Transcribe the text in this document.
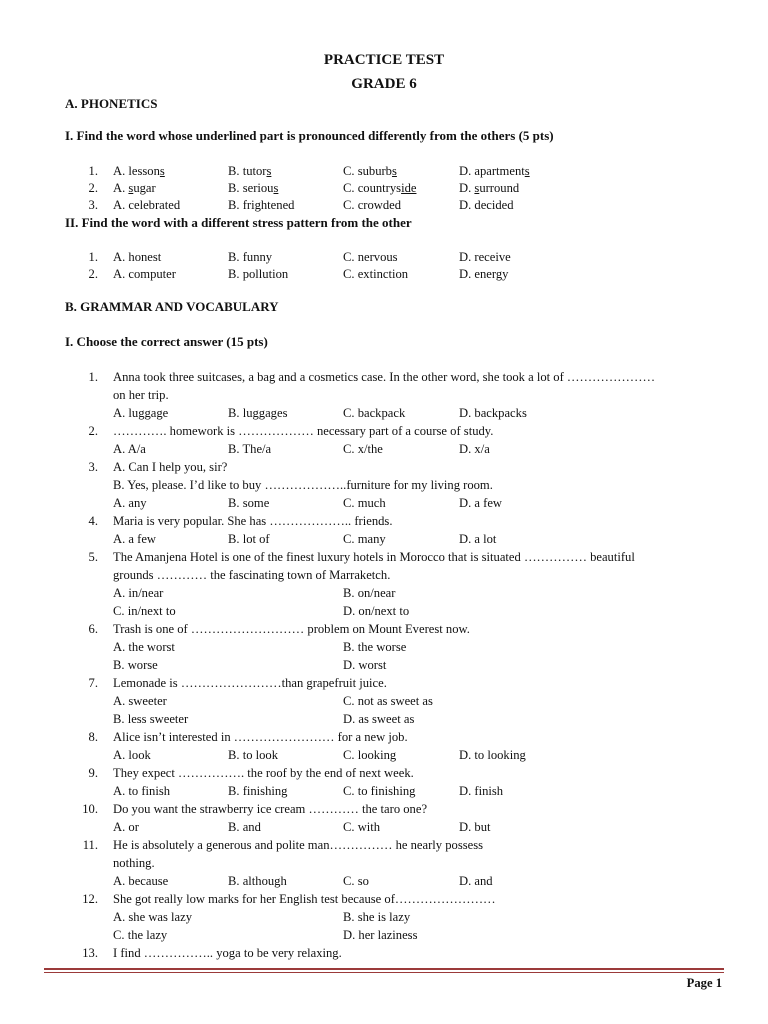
PRACTICE TEST
GRADE 6
A. PHONETICS
I. Find the word whose underlined part is pronounced differently from the others (5 pts)
1. A. lessons	B. tutors	C. suburbs	D. apartments
2. A. sugar	B. serious	C. countryside	D. surround
3. A. celebrated	B. frightened	C. crowded	D. decided
II. Find the word with a different stress pattern from the other
1. A. honest	B. funny	C. nervous	D. receive
2. A. computer	B. pollution	C. extinction	D. energy
B. GRAMMAR AND VOCABULARY
I. Choose the correct answer (15 pts)
1. Anna took three suitcases, a bag and a cosmetics case. In the other word, she took a lot of …………………
on her trip.
A. luggage	B. luggages	C. backpack	D. backpacks
2. …………. homework is ……………… necessary part of a course of study.
A. A/a	B. The/a	C. x/the	D. x/a
3. A. Can I help you, sir?
B. Yes, please. I’d like to buy ………………..furniture for my living room.
A. any	B. some	C. much	D. a few
4. Maria is very popular. She has ……………….. friends.
A. a few	B. lot of	C. many	D. a lot
5. The Amanjena Hotel is one of the finest luxury hotels in Morocco that is situated …………… beautiful
grounds ………… the fascinating town of Marraketch.
A. in/near	B. on/near
C. in/next to	D. on/next to
6. Trash is one of ……………………… problem on Mount Everest now.
A. the worst	B. the worse
B. worse	D. worst
7. Lemonade is ……………………than grapefruit juice.
A. sweeter	C. not as sweet as
B. less sweeter	D. as sweet as
8. Alice isn’t interested in …………………… for a new job.
A. look	B. to look	C. looking	D. to looking
9. They expect ……………. the roof by the end of next week.
A. to finish	B. finishing	C. to finishing	D. finish
10. Do you want the strawberry ice cream ………… the taro one?
A. or	B. and	C. with	D. but
11. He is absolutely a generous and polite man…………… he nearly possess
nothing.
A. because	B. although	C. so	D. and
12. She got really low marks for her English test because of……………………
A. she was lazy	B. she is lazy
C. the lazy	D. her laziness
13. I find …………….. yoga to be very relaxing.
Page 1
